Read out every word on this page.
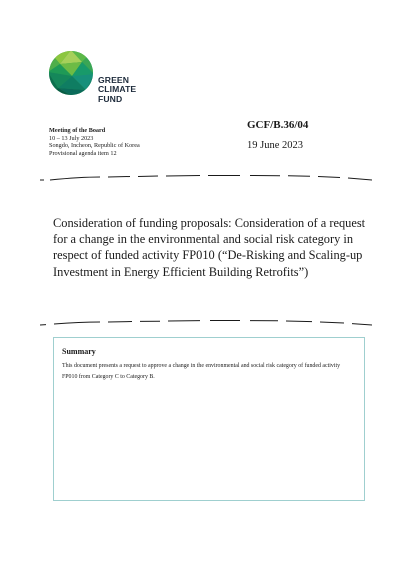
GREEN
CLIMATE
FUND
Meeting of the Board
10 – 13 July 2023
Songdo, Incheon, Republic of Korea
Provisional agenda item 12
GCF/B.36/04
19 June 2023
Consideration of funding proposals: Consideration of a request for a change in the environmental and social risk category in respect of funded activity FP010 (“De-Risking and Scaling-up Investment in Energy Efficient Building Retrofits”)
Summary
This document presents a request to approve a change in the environmental and social risk category of funded activity FP010 from Category C to Category B.
